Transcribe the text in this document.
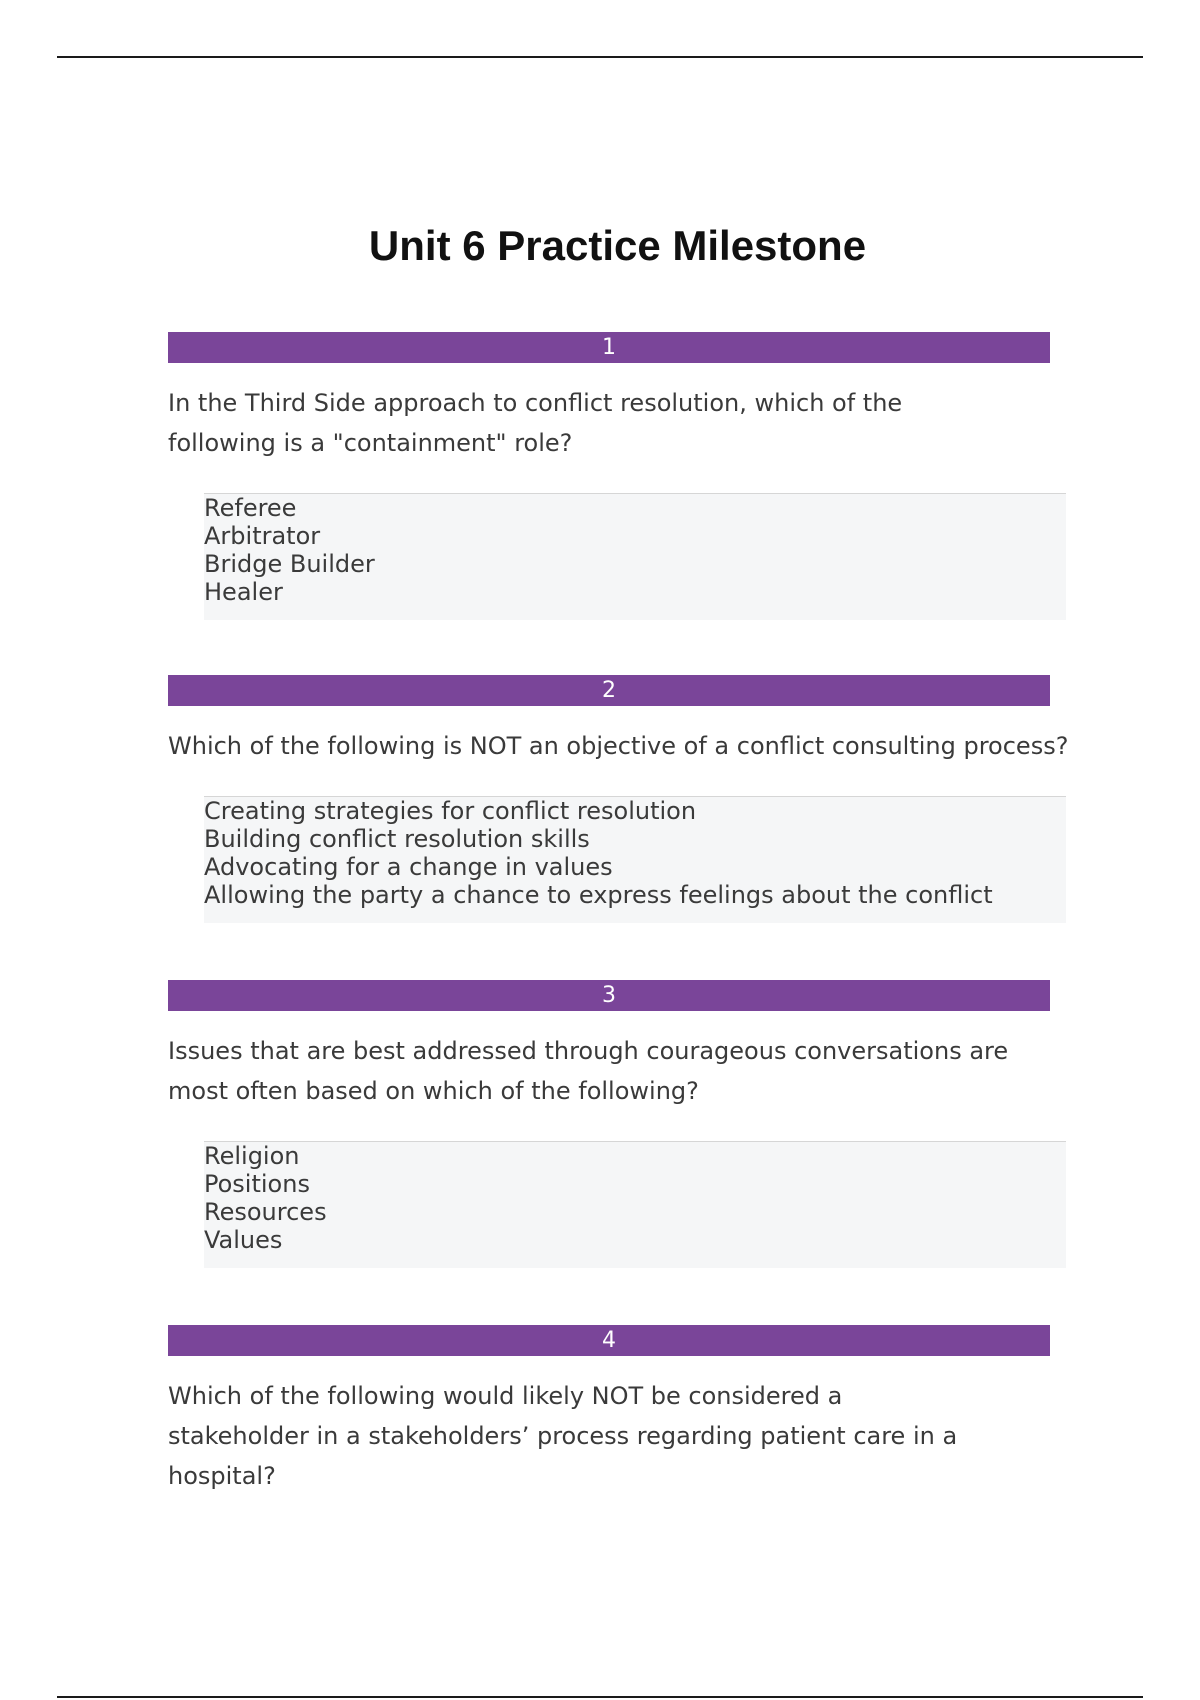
Unit 6 Practice Milestone
1
In the Third Side approach to conflict resolution, which of the following is a "containment" role?
Referee
Arbitrator
Bridge Builder
Healer
2
Which of the following is NOT an objective of a conflict consulting process?
Creating strategies for conflict resolution
Building conflict resolution skills
Advocating for a change in values
Allowing the party a chance to express feelings about the conflict
3
Issues that are best addressed through courageous conversations are most often based on which of the following?
Religion
Positions
Resources
Values
4
Which of the following would likely NOT be considered a stakeholder in a stakeholders’ process regarding patient care in a hospital?
